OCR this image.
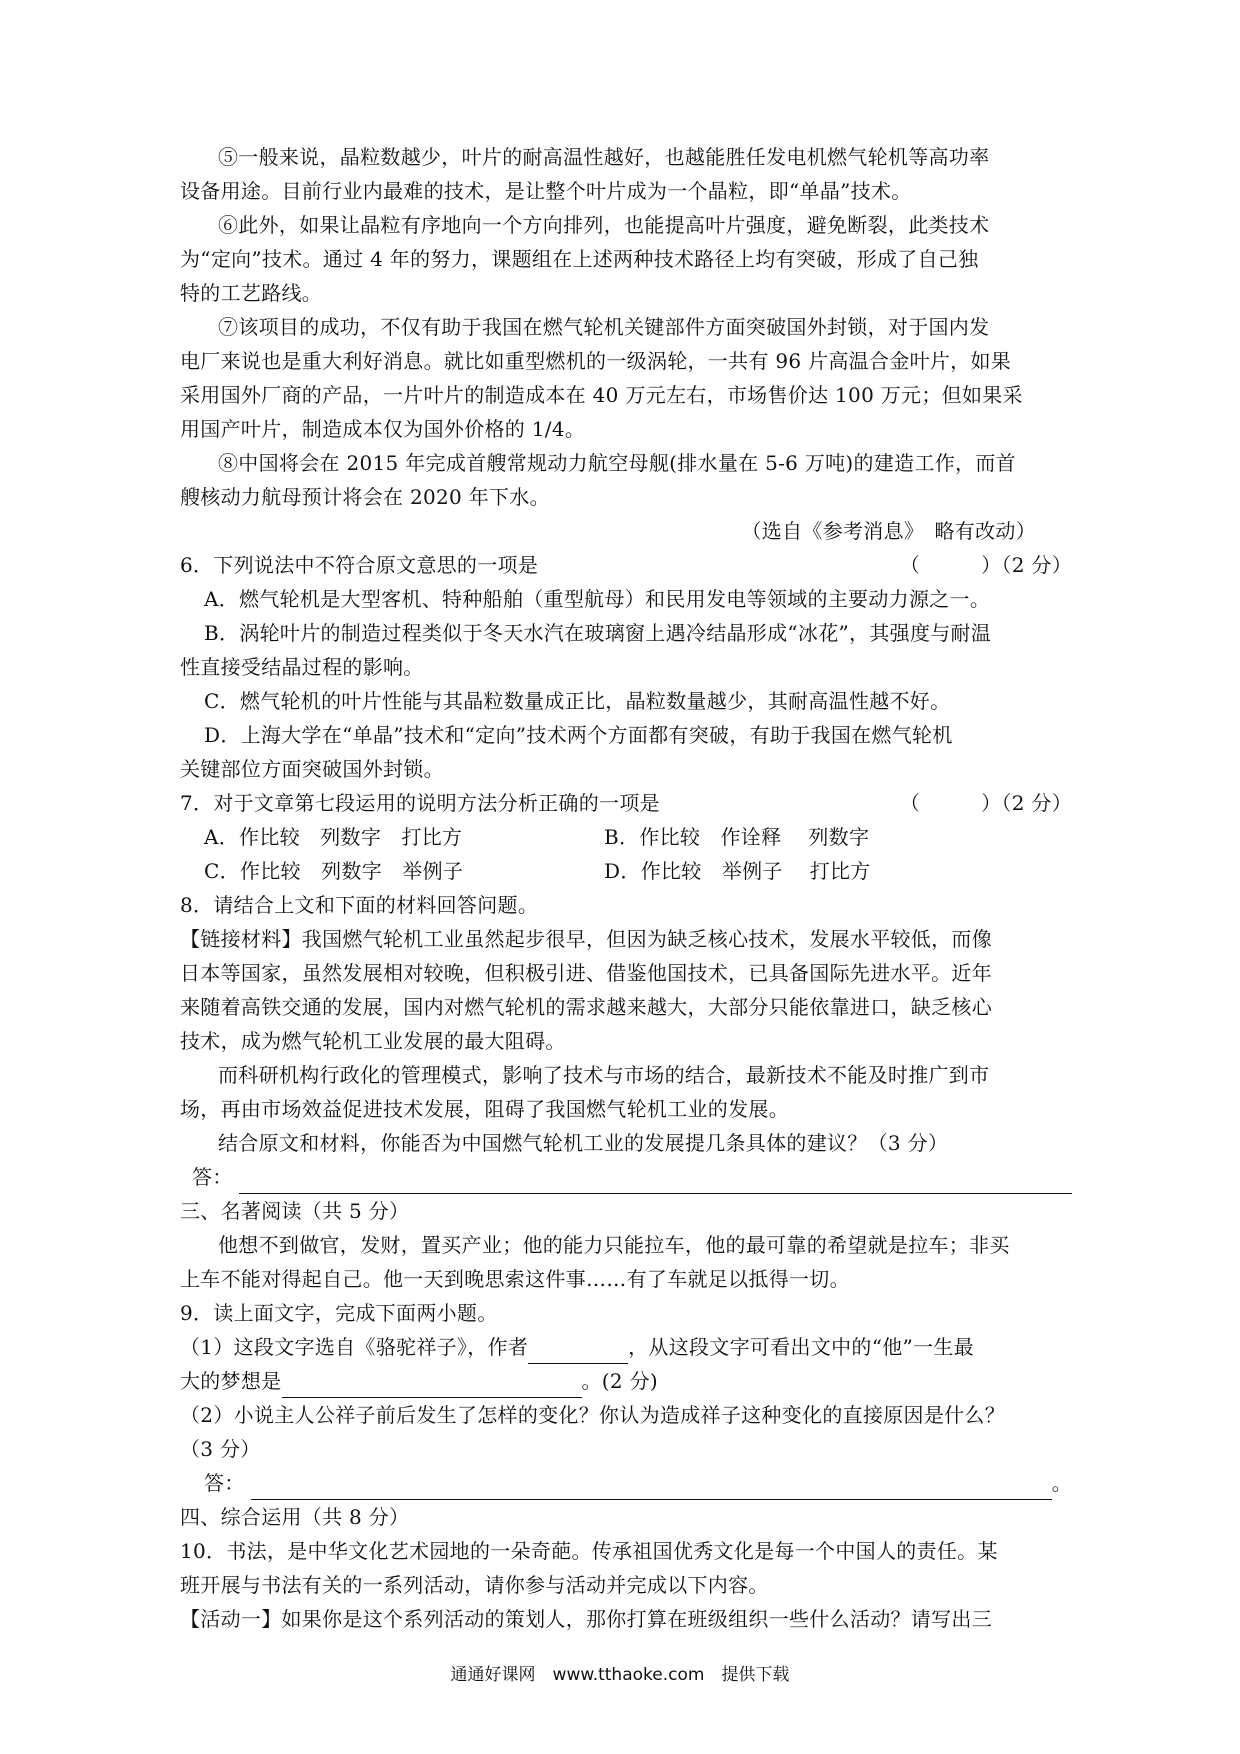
⑤一般来说，晶粒数越少，叶片的耐高温性越好，也越能胜任发电机燃气轮机等高功率
设备用途。目前行业内最难的技术，是让整个叶片成为一个晶粒，即“单晶”技术。
⑥此外，如果让晶粒有序地向一个方向排列，也能提高叶片强度，避免断裂，此类技术
为“定向”技术。通过 4 年的努力，课题组在上述两种技术路径上均有突破，形成了自己独
特的工艺路线。
⑦该项目的成功，不仅有助于我国在燃气轮机关键部件方面突破国外封锁，对于国内发
电厂来说也是重大利好消息。就比如重型燃机的一级涡轮，一共有 96 片高温合金叶片，如果
采用国外厂商的产品，一片叶片的制造成本在 40 万元左右，市场售价达 100 万元；但如果采
用国产叶片，制造成本仅为国外价格的 1/4。
⑧中国将会在 2015 年完成首艘常规动力航空母舰(排水量在 5-6 万吨)的建造工作，而首
艘核动力航母预计将会在 2020 年下水。
（选自《参考消息》　略有改动）
6．下列说法中不符合原文意思的一项是	（　　　）（2 分）
A．燃气轮机是大型客机、特种船舶（重型航母）和民用发电等领域的主要动力源之一。
B．涡轮叶片的制造过程类似于冬天水汽在玻璃窗上遇冷结晶形成“冰花”，其强度与耐温
性直接受结晶过程的影响。
C．燃气轮机的叶片性能与其晶粒数量成正比，晶粒数量越少，其耐高温性越不好。
D．上海大学在“单晶”技术和“定向”技术两个方面都有突破，有助于我国在燃气轮机
关键部位方面突破国外封锁。
7．对于文章第七段运用的说明方法分析正确的一项是	（　　　）（2 分）
A．作比较　列数字　打比方	B．作比较　作诠释　 列数字
C．作比较　列数字　举例子	D．作比较　举例子　 打比方
8．请结合上文和下面的材料回答问题。
【链接材料】我国燃气轮机工业虽然起步很早，但因为缺乏核心技术，发展水平较低，而像
日本等国家，虽然发展相对较晚，但积极引进、借鉴他国技术，已具备国际先进水平。近年
来随着高铁交通的发展，国内对燃气轮机的需求越来越大，大部分只能依靠进口，缺乏核心
技术，成为燃气轮机工业发展的最大阻碍。
而科研机构行政化的管理模式，影响了技术与市场的结合，最新技术不能及时推广到市
场，再由市场效益促进技术发展，阻碍了我国燃气轮机工业的发展。
结合原文和材料，你能否为中国燃气轮机工业的发展提几条具体的建议？（3 分）
答：
三、名著阅读（共 5 分）
他想不到做官，发财，置买产业；他的能力只能拉车，他的最可靠的希望就是拉车；非买
上车不能对得起自己。他一天到晚思索这件事……有了车就足以抵得一切。
9．读上面文字，完成下面两小题。
（1）这段文字选自《骆驼祥子》，作者	，从这段文字可看出文中的“他”一生最
大的梦想是	。(2 分)
（2）小说主人公祥子前后发生了怎样的变化？你认为造成祥子这种变化的直接原因是什么？
（3 分）
答：	。
四、综合运用（共 8 分）
10．书法，是中华文化艺术园地的一朵奇葩。传承祖国优秀文化是每一个中国人的责任。某
班开展与书法有关的一系列活动，请你参与活动并完成以下内容。
【活动一】如果你是这个系列活动的策划人，那你打算在班级组织一些什么活动？请写出三
通通好课网　www.tthaoke.com　提供下载
